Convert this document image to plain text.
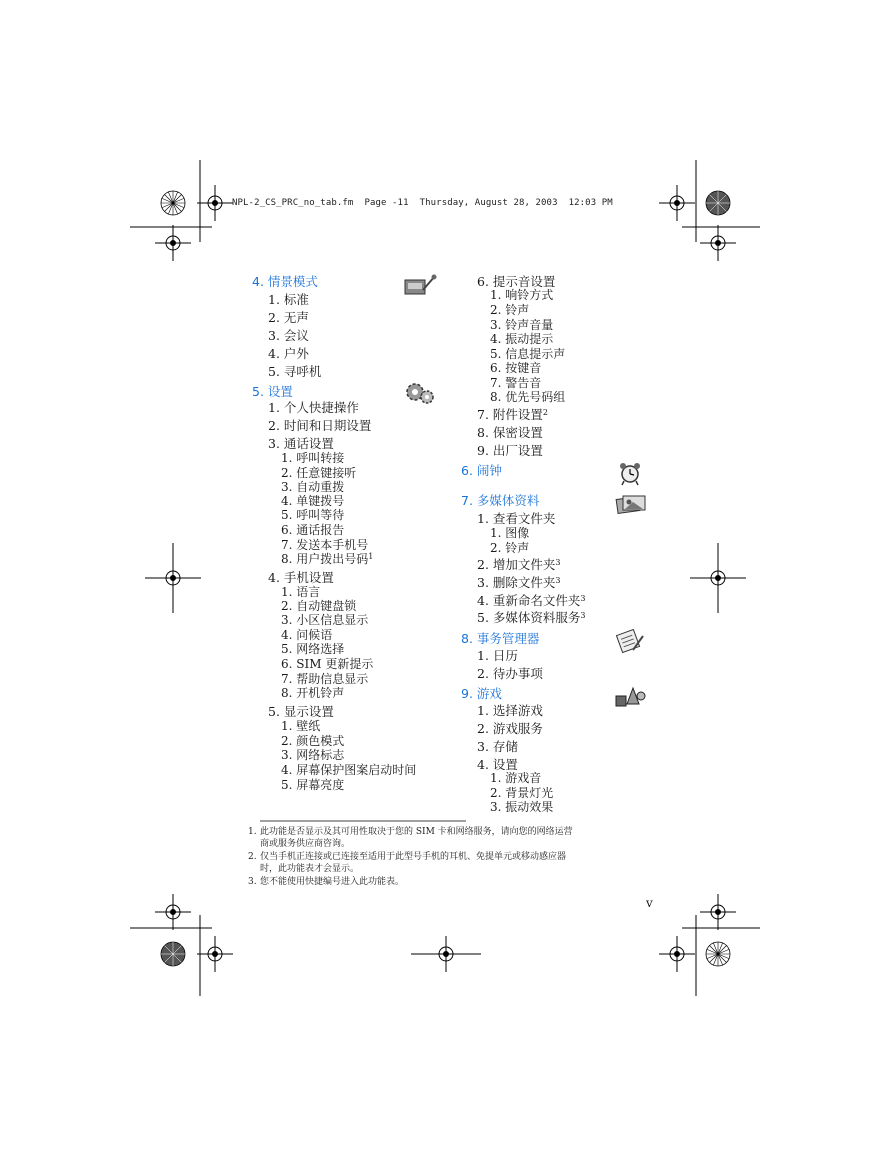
NPL-2_CS_PRC_no_tab.fm  Page -11  Thursday, August 28, 2003  12:03 PM
4. 情景模式
1. 标准
2. 无声
3. 会议
4. 户外
5. 寻呼机
5. 设置
1. 个人快捷操作
2. 时间和日期设置
3. 通话设置
1. 呼叫转接
2. 任意键接听
3. 自动重拨
4. 单键拨号
5. 呼叫等待
6. 通话报告
7. 发送本手机号
8. 用户拨出号码$^1$
4. 手机设置
1. 语言
2. 自动键盘锁
3. 小区信息显示
4. 问候语
5. 网络选择
6. SIM 更新提示
7. 帮助信息显示
8. 开机铃声
5. 显示设置
1. 壁纸
2. 颜色模式
3. 网络标志
4. 屏幕保护图案启动时间
5. 屏幕亮度
6. 提示音设置
1. 响铃方式
2. 铃声
3. 铃声音量
4. 振动提示
5. 信息提示声
6. 按键音
7. 警告音
8. 优先号码组
7. 附件设置$^2$
8. 保密设置
9. 出厂设置
6. 闹钟
7. 多媒体资料
1. 查看文件夹
1. 图像
2. 铃声
2. 增加文件夹$^3$
3. 删除文件夹$^3$
4. 重新命名文件夹$^3$
5. 多媒体资料服务$^3$
8. 事务管理器
1. 日历
2. 待办事项
9. 游戏
1. 选择游戏
2. 游戏服务
3. 存储
4. 设置
1. 游戏音
2. 背景灯光
3. 振动效果
1. 此功能是否显示及其可用性取决于您的 SIM 卡和网络服务，请向您的网络运营
商或服务供应商咨询。
2. 仅当手机正连接或已连接至适用于此型号手机的耳机、免提单元或移动感应器
时，此功能表才会显示。
3. 您不能使用快捷编号进入此功能表。
v
